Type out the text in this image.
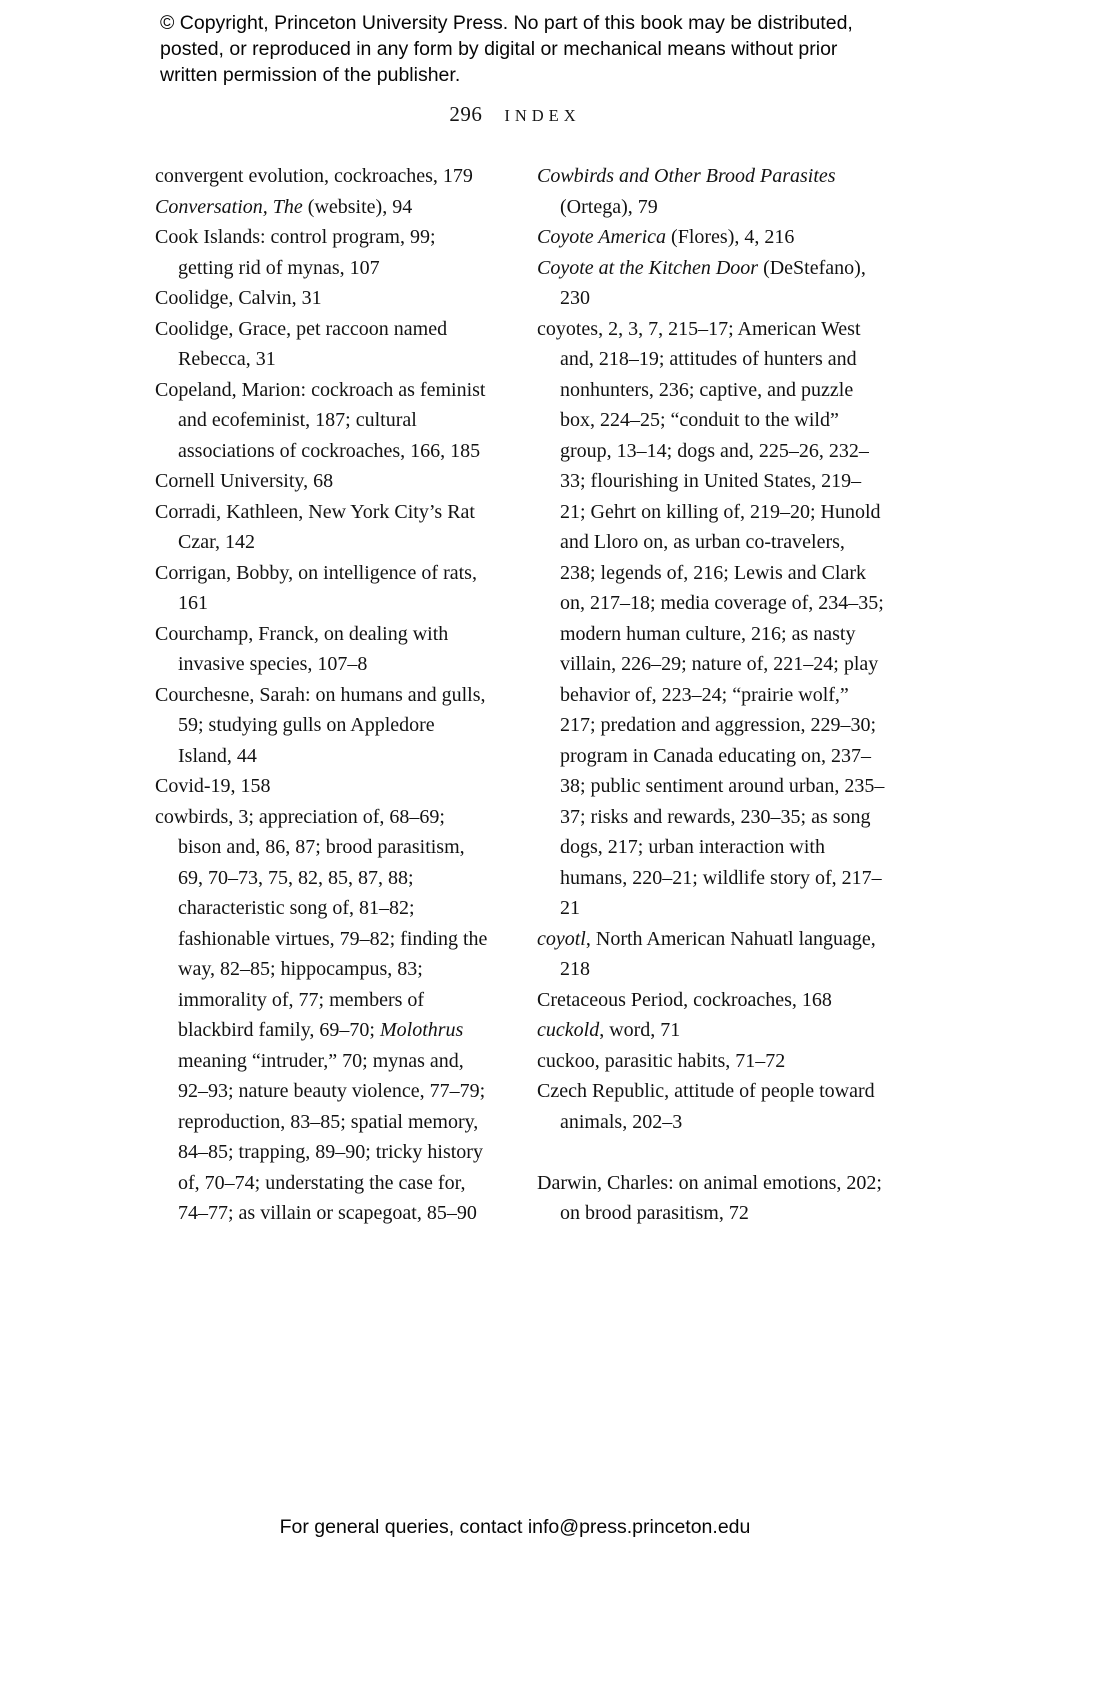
© Copyright, Princeton University Press. No part of this book may be distributed, posted, or reproduced in any form by digital or mechanical means without prior written permission of the publisher.

296 INDEX

convergent evolution, cockroaches, 179
Conversation, The (website), 94
Cook Islands: control program, 99; getting rid of mynas, 107
Coolidge, Calvin, 31
Coolidge, Grace, pet raccoon named Rebecca, 31
Copeland, Marion: cockroach as feminist and ecofeminist, 187; cultural associations of cockroaches, 166, 185
Cornell University, 68
Corradi, Kathleen, New York City’s Rat Czar, 142
Corrigan, Bobby, on intelligence of rats, 161
Courchamp, Franck, on dealing with invasive species, 107–8
Courchesne, Sarah: on humans and gulls, 59; studying gulls on Appledore Island, 44
Covid-19, 158
cowbirds, 3; appreciation of, 68–69; bison and, 86, 87; brood parasitism, 69, 70–73, 75, 82, 85, 87, 88; characteristic song of, 81–82; fashionable virtues, 79–82; finding the way, 82–85; hippocampus, 83; immorality of, 77; members of blackbird family, 69–70; Molothrus meaning “intruder,” 70; mynas and, 92–93; nature beauty violence, 77–79; reproduction, 83–85; spatial memory, 84–85; trapping, 89–90; tricky history of, 70–74; understating the case for, 74–77; as villain or scapegoat, 85–90
Cowbirds and Other Brood Parasites (Ortega), 79
Coyote America (Flores), 4, 216
Coyote at the Kitchen Door (DeStefano), 230
coyotes, 2, 3, 7, 215–17; American West and, 218–19; attitudes of hunters and nonhunters, 236; captive, and puzzle box, 224–25; “conduit to the wild” group, 13–14; dogs and, 225–26, 232–33; flourishing in United States, 219–21; Gehrt on killing of, 219–20; Hunold and Lloro on, as urban co-travelers, 238; legends of, 216; Lewis and Clark on, 217–18; media coverage of, 234–35; modern human culture, 216; as nasty villain, 226–29; nature of, 221–24; play behavior of, 223–24; “prairie wolf,” 217; predation and aggression, 229–30; program in Canada educating on, 237–38; public sentiment around urban, 235–37; risks and rewards, 230–35; as song dogs, 217; urban interaction with humans, 220–21; wildlife story of, 217–21
coyotl, North American Nahuatl language, 218
Cretaceous Period, cockroaches, 168
cuckold, word, 71
cuckoo, parasitic habits, 71–72
Czech Republic, attitude of people toward animals, 202–3
Darwin, Charles: on animal emotions, 202; on brood parasitism, 72

For general queries, contact info@press.princeton.edu
